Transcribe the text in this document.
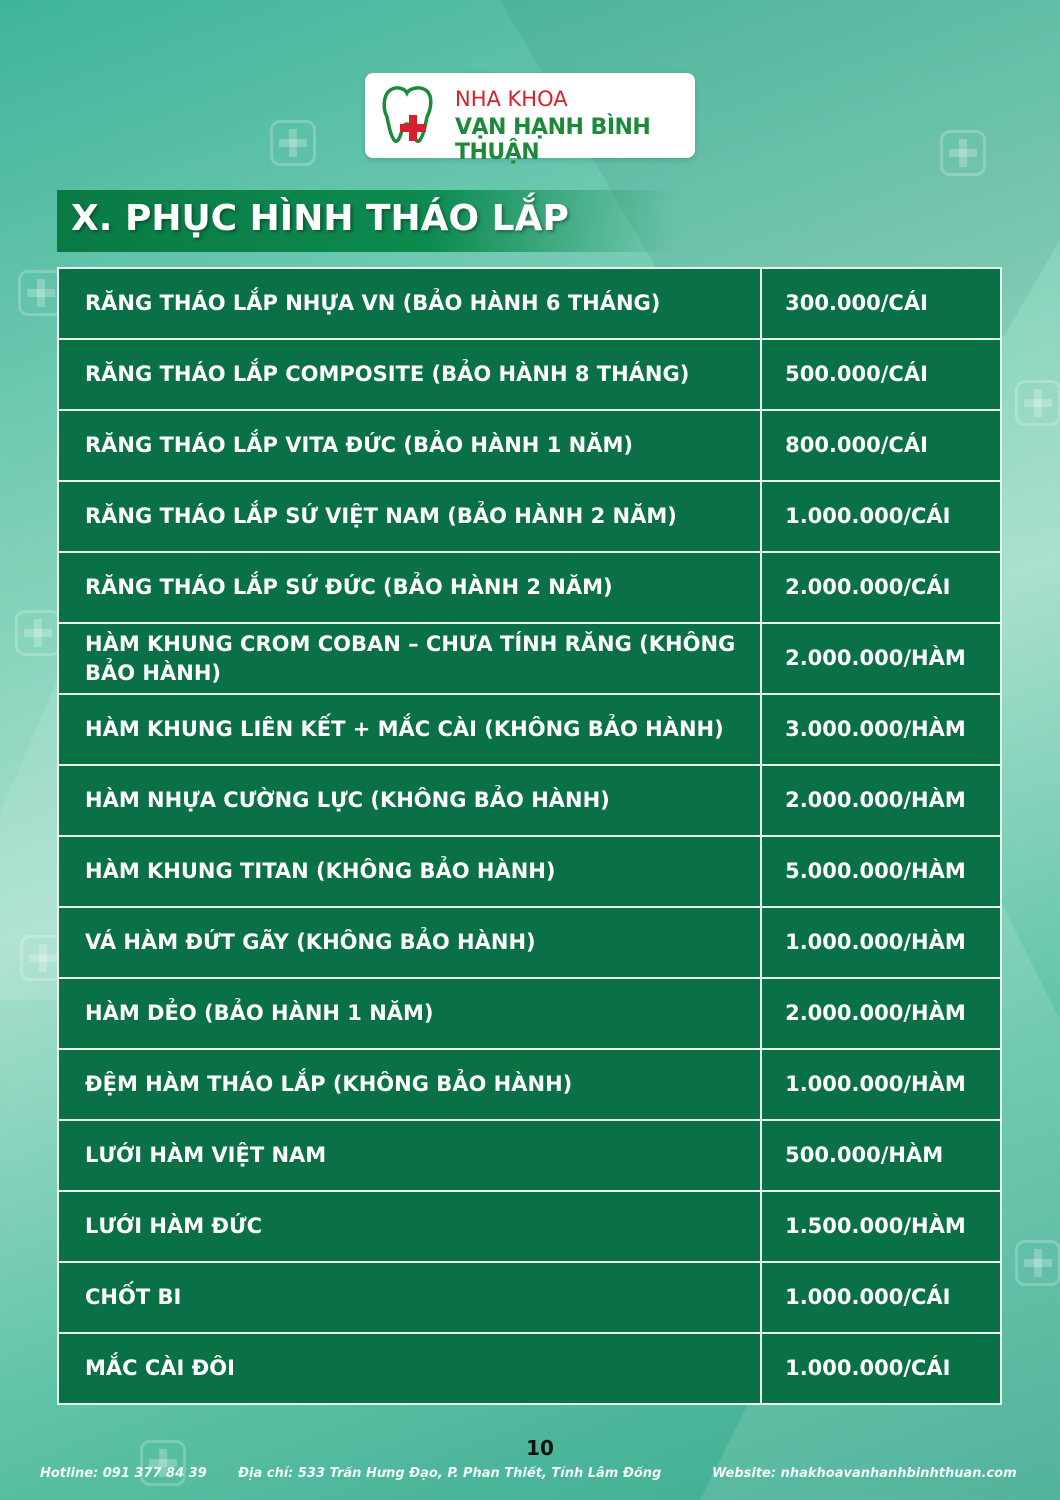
NHA KHOA
VẠN HẠNH BÌNH THUẬN
X. PHỤC HÌNH THÁO LẮP
RĂNG THÁO LẮP NHỰA VN (BẢO HÀNH 6 THÁNG)	300.000/CÁI
RĂNG THÁO LẮP COMPOSITE (BẢO HÀNH 8 THÁNG)	500.000/CÁI
RĂNG THÁO LẮP VITA ĐỨC (BẢO HÀNH 1 NĂM)	800.000/CÁI
RĂNG THÁO LẮP SỨ VIỆT NAM (BẢO HÀNH 2 NĂM)	1.000.000/CÁI
RĂNG THÁO LẮP SỨ ĐỨC (BẢO HÀNH 2 NĂM)	2.000.000/CÁI
HÀM KHUNG CROM COBAN – CHƯA TÍNH RĂNG (KHÔNG BẢO HÀNH)	2.000.000/HÀM
HÀM KHUNG LIÊN KẾT + MẮC CÀI (KHÔNG BẢO HÀNH)	3.000.000/HÀM
HÀM NHỰA CƯỜNG LỰC (KHÔNG BẢO HÀNH)	2.000.000/HÀM
HÀM KHUNG TITAN (KHÔNG BẢO HÀNH)	5.000.000/HÀM
VÁ HÀM ĐỨT GÃY (KHÔNG BẢO HÀNH)	1.000.000/HÀM
HÀM DẺO (BẢO HÀNH 1 NĂM)	2.000.000/HÀM
ĐỆM HÀM THÁO LẮP (KHÔNG BẢO HÀNH)	1.000.000/HÀM
LƯỚI HÀM VIỆT NAM	500.000/HÀM
LƯỚI HÀM ĐỨC	1.500.000/HÀM
CHỐT BI	1.000.000/CÁI
MẮC CÀI ĐÔI	1.000.000/CÁI
10
Hotline: 091 377 84 39 Địa chỉ: 533 Trần Hưng Đạo, P. Phan Thiết, Tỉnh Lâm Đồng	Website: nhakhoavanhanhbinhthuan.com
